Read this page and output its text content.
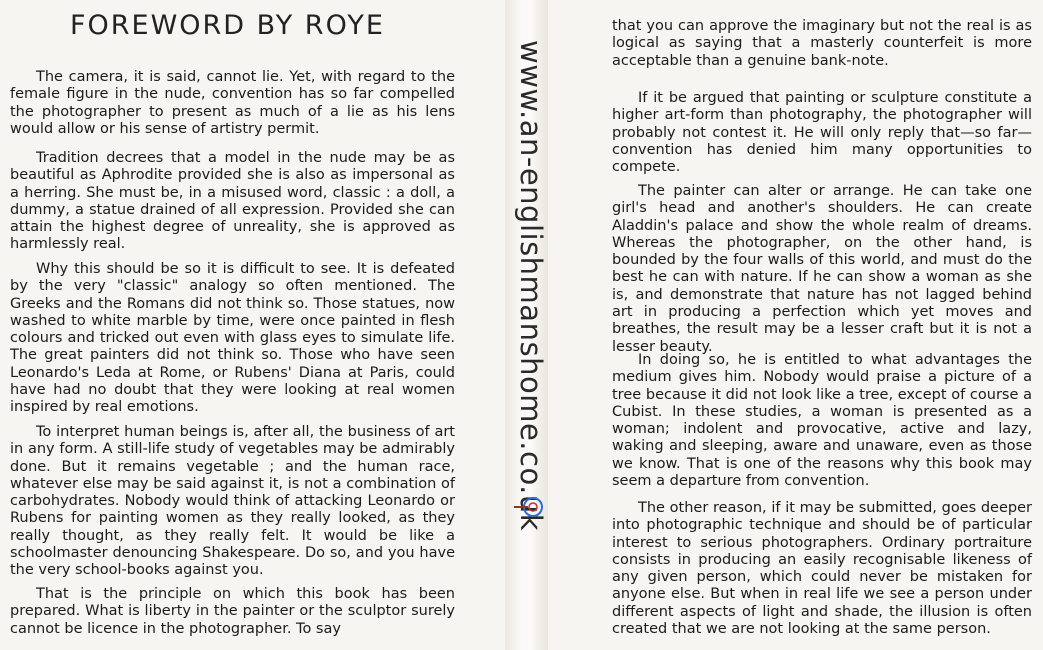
FOREWORD BY ROYE

The camera, it is said, cannot lie. Yet, with regard to the female figure in the nude, convention has so far compelled the photographer to present as much of a lie as his lens would allow or his sense of artistry permit.

Tradition decrees that a model in the nude may be as beautiful as Aphrodite provided she is also as impersonal as a herring. She must be, in a misused word, classic : a doll, a dummy, a statue drained of all expression. Provided she can attain the highest degree of unreality, she is approved as harmlessly real.

Why this should be so it is difficult to see. It is defeated by the very "classic" analogy so often mentioned. The Greeks and the Romans did not think so. Those statues, now washed to white marble by time, were once painted in flesh colours and tricked out even with glass eyes to simulate life. The great painters did not think so. Those who have seen Leonardo's Leda at Rome, or Rubens' Diana at Paris, could have had no doubt that they were looking at real women inspired by real emotions.

To interpret human beings is, after all, the business of art in any form. A still-life study of vegetables may be admirably done. But it remains vegetable ; and the human race, whatever else may be said against it, is not a combination of carbohydrates. Nobody would think of attacking Leonardo or Rubens for painting women as they really looked, as they really thought, as they really felt. It would be like a schoolmaster denouncing Shakespeare. Do so, and you have the very school-books against you.

That is the principle on which this book has been prepared. What is liberty in the painter or the sculptor surely cannot be licence in the photographer. To say

www.an-englishmanshome.co.uk

that you can approve the imaginary but not the real is as logical as saying that a masterly counterfeit is more acceptable than a genuine bank-note.

If it be argued that painting or sculpture constitute a higher art-form than photography, the photographer will probably not contest it. He will only reply that—so far—convention has denied him many opportunities to compete.

The painter can alter or arrange. He can take one girl's head and another's shoulders. He can create Aladdin's palace and show the whole realm of dreams. Whereas the photographer, on the other hand, is bounded by the four walls of this world, and must do the best he can with nature. If he can show a woman as she is, and demonstrate that nature has not lagged behind art in producing a perfection which yet moves and breathes, the result may be a lesser craft but it is not a lesser beauty.

In doing so, he is entitled to what advantages the medium gives him. Nobody would praise a picture of a tree because it did not look like a tree, except of course a Cubist. In these studies, a woman is presented as a woman; indolent and provocative, active and lazy, waking and sleeping, aware and unaware, even as those we know. That is one of the reasons why this book may seem a departure from convention.

The other reason, if it may be submitted, goes deeper into photographic technique and should be of particular interest to serious photographers. Ordinary portraiture consists in producing an easily recognisable likeness of any given person, which could never be mistaken for anyone else. But when in real life we see a person under different aspects of light and shade, the illusion is often created that we are not looking at the same person.
